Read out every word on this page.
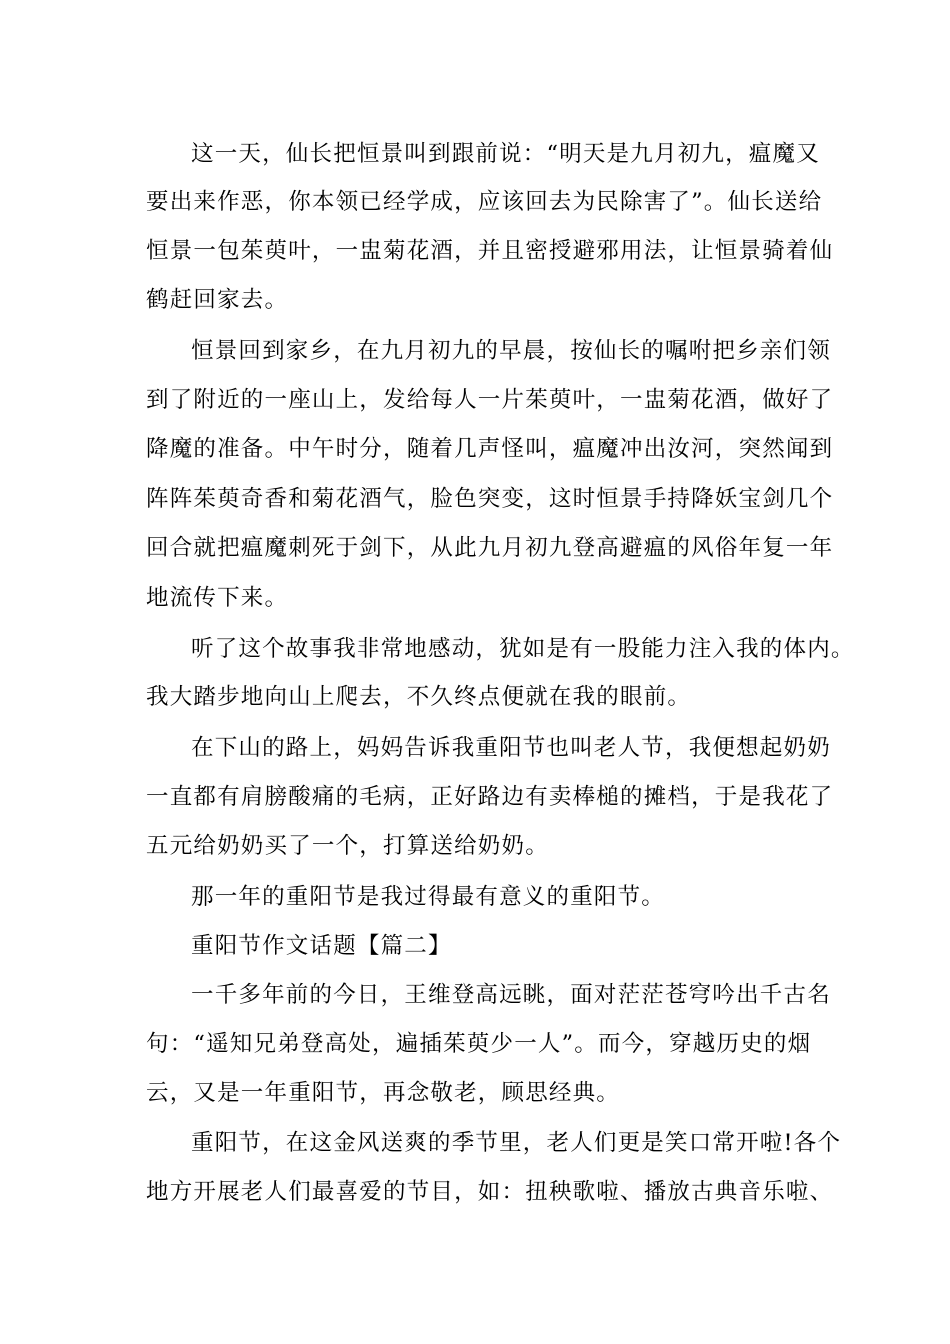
这一天，仙长把恒景叫到跟前说：“明天是九月初九，瘟魔又
要出来作恶，你本领已经学成，应该回去为民除害了”。仙长送给
恒景一包茱萸叶，一盅菊花酒，并且密授避邪用法，让恒景骑着仙
鹤赶回家去。
恒景回到家乡，在九月初九的早晨，按仙长的嘱咐把乡亲们领
到了附近的一座山上，发给每人一片茱萸叶，一盅菊花酒，做好了
降魔的准备。中午时分，随着几声怪叫，瘟魔冲出汝河，突然闻到
阵阵茱萸奇香和菊花酒气，脸色突变，这时恒景手持降妖宝剑几个
回合就把瘟魔刺死于剑下，从此九月初九登高避瘟的风俗年复一年
地流传下来。
听了这个故事我非常地感动，犹如是有一股能力注入我的体内。
我大踏步地向山上爬去，不久终点便就在我的眼前。
在下山的路上，妈妈告诉我重阳节也叫老人节，我便想起奶奶
一直都有肩膀酸痛的毛病，正好路边有卖棒槌的摊档，于是我花了
五元给奶奶买了一个，打算送给奶奶。
那一年的重阳节是我过得最有意义的重阳节。
重阳节作文话题【篇二】
一千多年前的今日，王维登高远眺，面对茫茫苍穹吟出千古名
句：“遥知兄弟登高处，遍插茱萸少一人”。而今，穿越历史的烟
云，又是一年重阳节，再念敬老，顾思经典。
重阳节，在这金风送爽的季节里，老人们更是笑口常开啦!各个
地方开展老人们最喜爱的节目，如：扭秧歌啦、播放古典音乐啦、
